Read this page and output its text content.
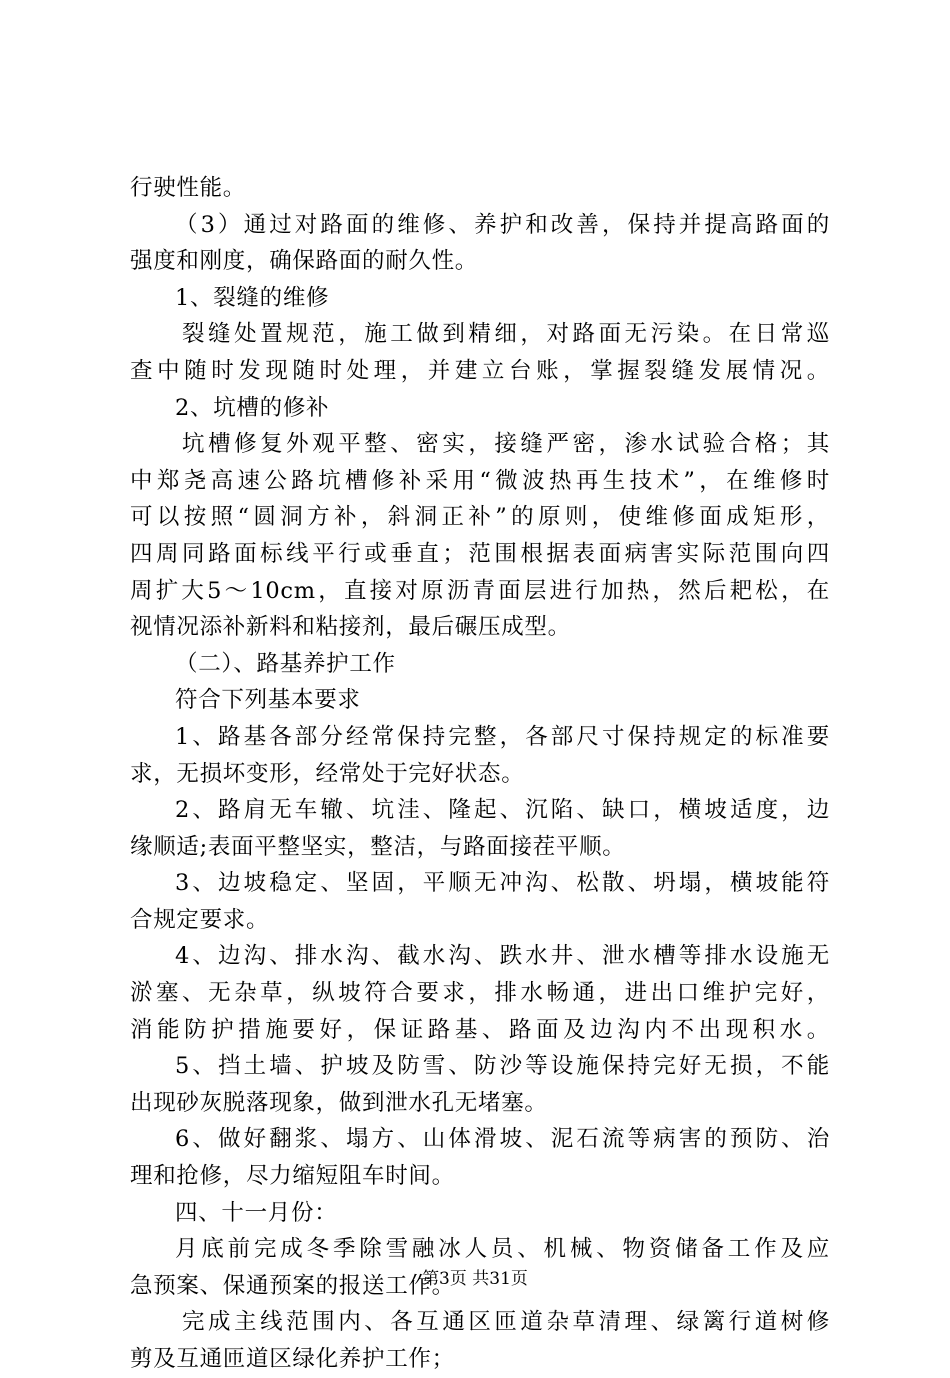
行驶性能。
（3）通过对路面的维修、养护和改善，保持并提高路面的
强度和刚度，确保路面的耐久性。
1、裂缝的维修
裂缝处置规范，施工做到精细，对路面无污染。在日常巡
查中随时发现随时处理，并建立台账，掌握裂缝发展情况。
2、坑槽的修补
坑槽修复外观平整、密实，接缝严密，渗水试验合格；其
中郑尧高速公路坑槽修补采用“微波热再生技术”，在维修时
可以按照“圆洞方补，斜洞正补”的原则，使维修面成矩形，
四周同路面标线平行或垂直；范围根据表面病害实际范围向四
周扩大5～10cm，直接对原沥青面层进行加热，然后耙松，在
视情况添补新料和粘接剂，最后碾压成型。
（二）、路基养护工作
符合下列基本要求
1、路基各部分经常保持完整，各部尺寸保持规定的标准要
求，无损坏变形，经常处于完好状态。
2、路肩无车辙、坑洼、隆起、沉陷、缺口，横坡适度，边
缘顺适;表面平整坚实，整洁，与路面接茬平顺。
3、边坡稳定、坚固，平顺无冲沟、松散、坍塌，横坡能符
合规定要求。
4、边沟、排水沟、截水沟、跌水井、泄水槽等排水设施无
淤塞、无杂草，纵坡符合要求，排水畅通，进出口维护完好，
消能防护措施要好，保证路基、路面及边沟内不出现积水。
5、挡土墙、护坡及防雪、防沙等设施保持完好无损，不能
出现砂灰脱落现象，做到泄水孔无堵塞。
6、做好翻浆、塌方、山体滑坡、泥石流等病害的预防、治
理和抢修，尽力缩短阻车时间。
四、十一月份：
月底前完成冬季除雪融冰人员、机械、物资储备工作及应
急预案、保通预案的报送工作。
完成主线范围内、各互通区匝道杂草清理、绿篱行道树修
剪及互通匝道区绿化养护工作；
第3页 共31页
